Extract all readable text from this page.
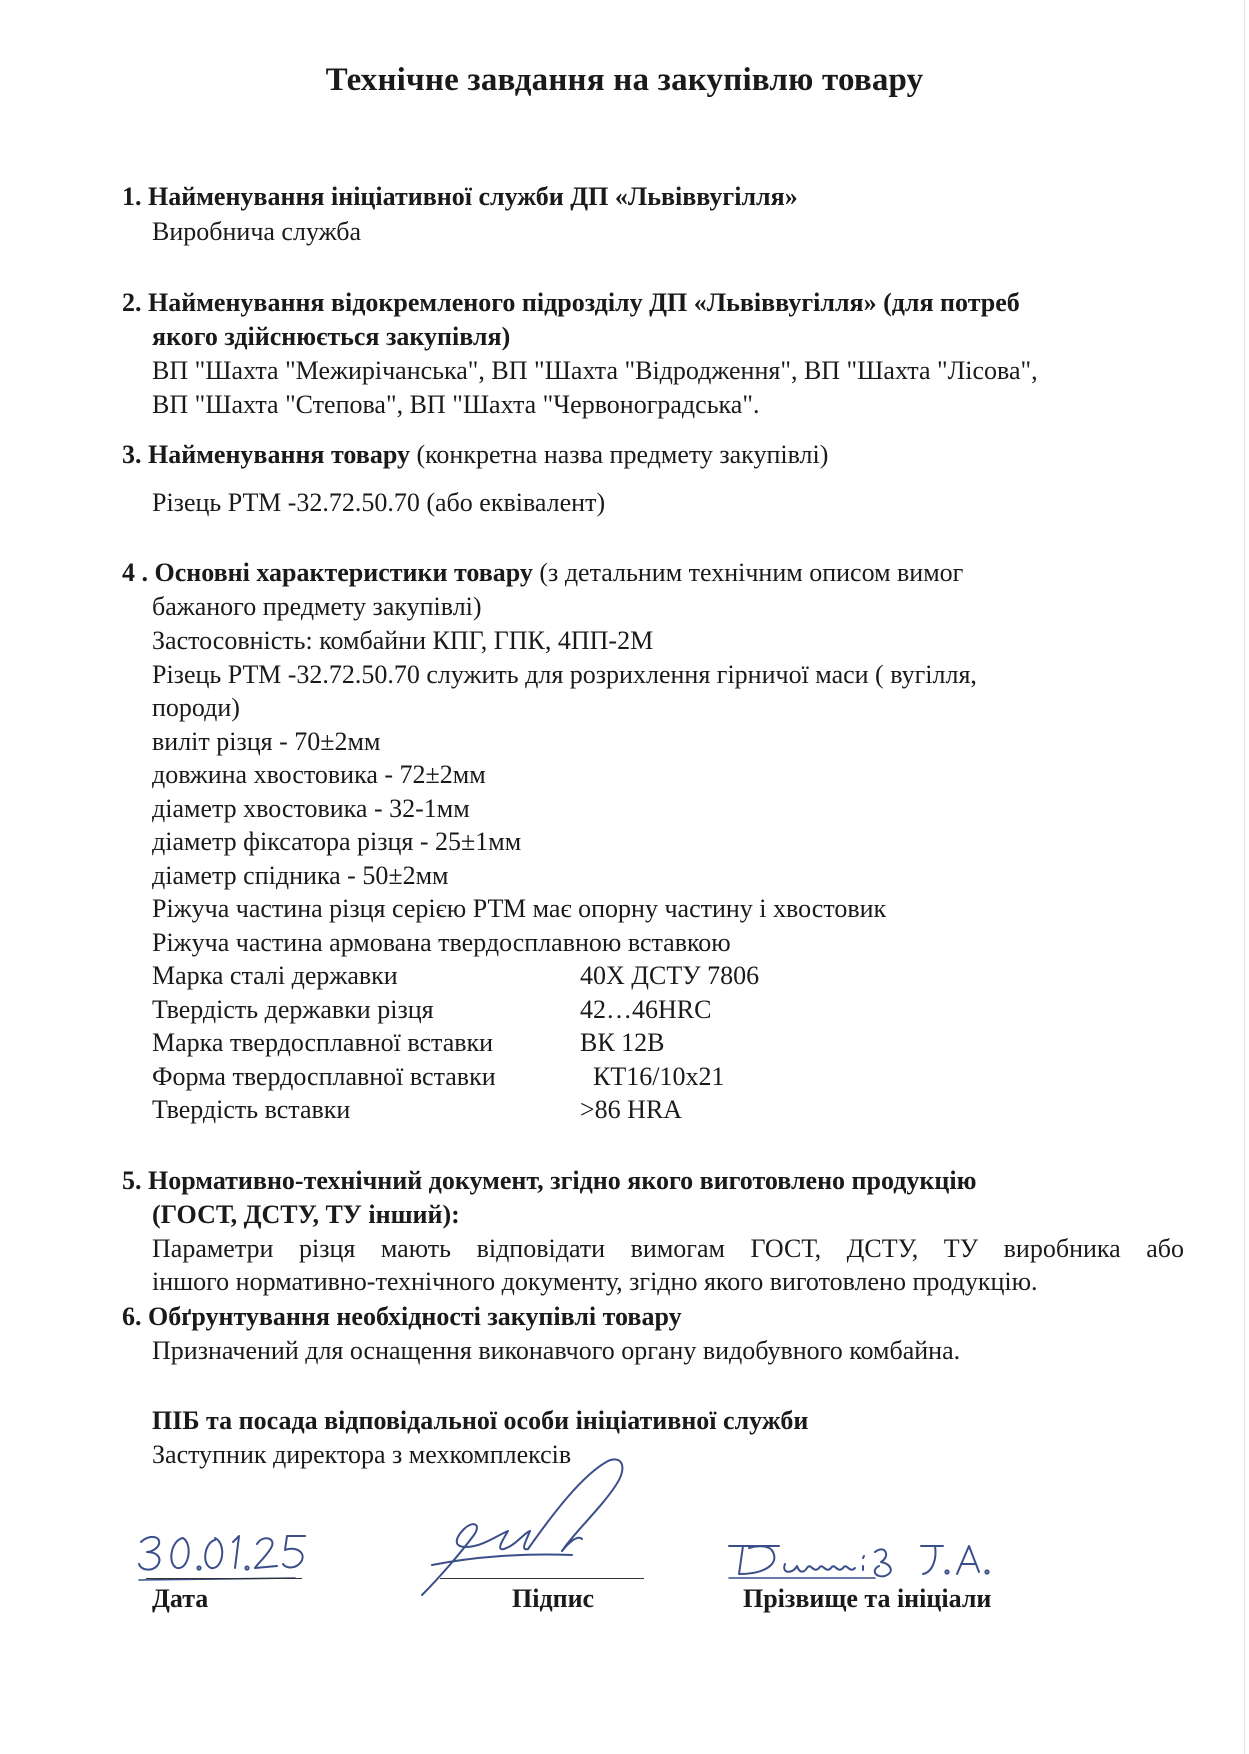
Технічне завдання на закупівлю товару
1. Найменування ініціативної служби ДП «Львіввугілля»
Виробнича служба
2. Найменування відокремленого підрозділу ДП «Львіввугілля» (для потреб
якого здійснюється закупівля)
ВП "Шахта "Межирічанська", ВП "Шахта "Відродження", ВП "Шахта "Лісова",
ВП "Шахта "Степова", ВП "Шахта "Червоноградська".
3. Найменування товару (конкретна назва предмету закупівлі)
Різець РТМ -32.72.50.70 (або еквівалент)
4 . Основні характеристики товару (з детальним технічним описом вимог
бажаного предмету закупівлі)
Застосовність: комбайни КПГ, ГПК, 4ПП-2М
Різець РТМ -32.72.50.70 служить для розрихлення гірничої маси ( вугілля,
породи)
виліт різця - 70±2мм
довжина хвостовика - 72±2мм
діаметр хвостовика - 32-1мм
діаметр фіксатора різця - 25±1мм
діаметр спідника - 50±2мм
Ріжуча частина різця серією РТМ має опорну частину і хвостовик
Ріжуча частина армована твердосплавною вставкою
Марка сталі державки	40Х ДСТУ 7806
Твердість державки різця	42…46HRC
Марка твердосплавної вставки	ВК 12В
Форма твердосплавної вставки	КТ16/10х21
Твердість вставки	>86 HRA
5. Нормативно-технічний документ, згідно якого виготовлено продукцію
(ГОСТ, ДСТУ, ТУ інший):
Параметри різця мають відповідати вимогам ГОСТ, ДСТУ, ТУ виробника або
іншого нормативно-технічного документу, згідно якого виготовлено продукцію.
6. Обґрунтування необхідності закупівлі товару
Призначений для оснащення виконавчого органу видобувного комбайна.
ПІБ та посада відповідальної особи ініціативної служби
Заступник директора з мехкомплексів
Дата	Підпис	Прізвище та ініціали
